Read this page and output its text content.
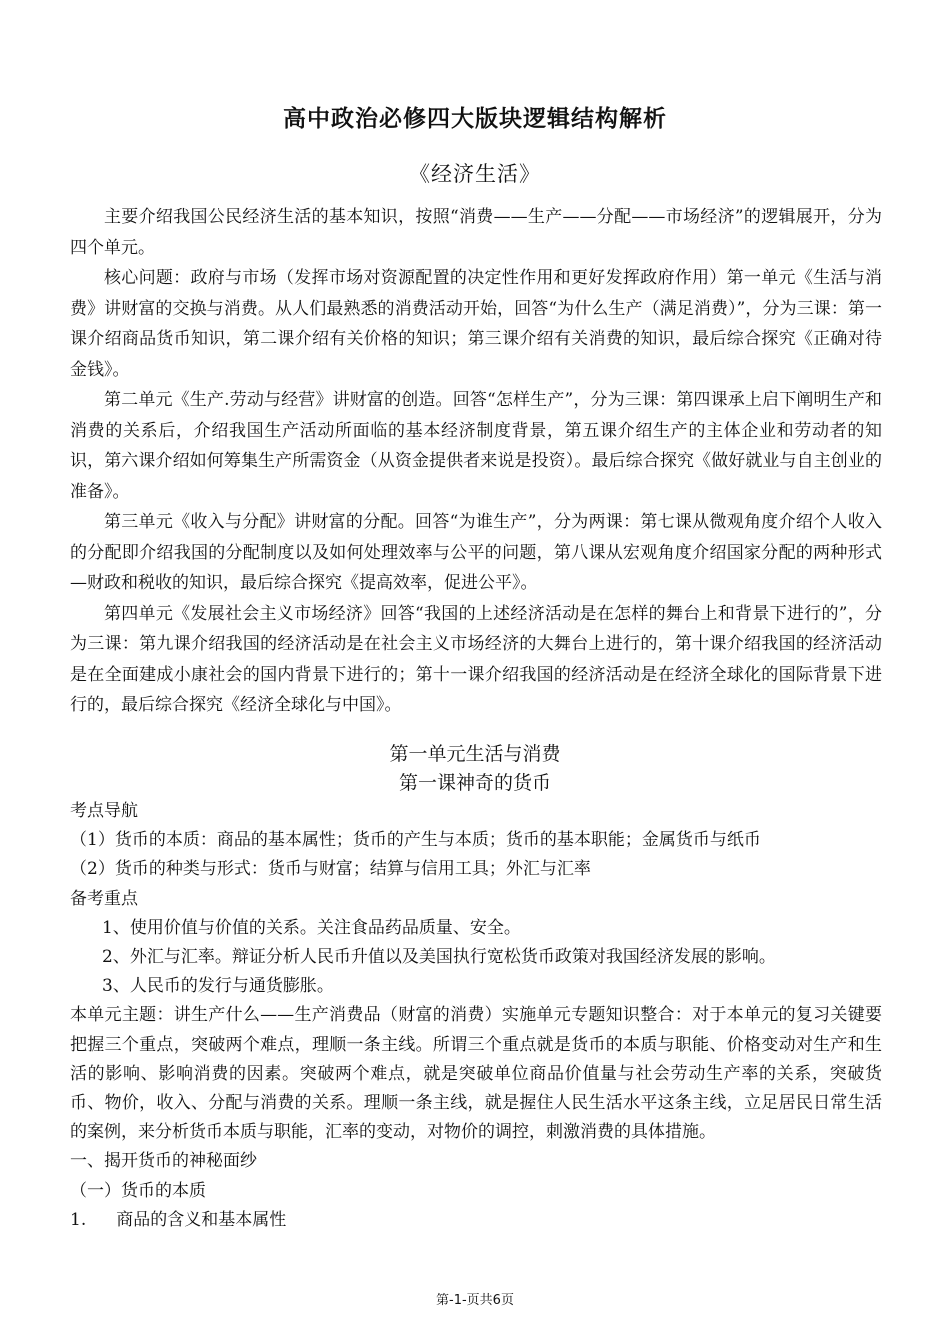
高中政治必修四大版块逻辑结构解析
《经济生活》

主要介绍我国公民经济生活的基本知识，按照“消费——生产——分配——市场经济”的逻辑展开，分为四个单元。

核心问题：政府与市场（发挥市场对资源配置的决定性作用和更好发挥政府作用）第一单元《生活与消费》讲财富的交换与消费。从人们最熟悉的消费活动开始，回答“为什么生产（满足消费）”，分为三课：第一课介绍商品货币知识，第二课介绍有关价格的知识；第三课介绍有关消费的知识，最后综合探究《正确对待金钱》。

第二单元《生产.劳动与经营》讲财富的创造。回答“怎样生产”，分为三课：第四课承上启下阐明生产和消费的关系后，介绍我国生产活动所面临的基本经济制度背景，第五课介绍生产的主体企业和劳动者的知识，第六课介绍如何筹集生产所需资金（从资金提供者来说是投资）。最后综合探究《做好就业与自主创业的准备》。

第三单元《收入与分配》讲财富的分配。回答“为谁生产”，分为两课：第七课从微观角度介绍个人收入的分配即介绍我国的分配制度以及如何处理效率与公平的问题，第八课从宏观角度介绍国家分配的两种形式—财政和税收的知识，最后综合探究《提高效率，促进公平》。

第四单元《发展社会主义市场经济》回答“我国的上述经济活动是在怎样的舞台上和背景下进行的”，分为三课：第九课介绍我国的经济活动是在社会主义市场经济的大舞台上进行的，第十课介绍我国的经济活动是在全面建成小康社会的国内背景下进行的；第十一课介绍我国的经济活动是在经济全球化的国际背景下进行的，最后综合探究《经济全球化与中国》。

第一单元生活与消费
第一课神奇的货币

考点导航

（1）货币的本质：商品的基本属性；货币的产生与本质；货币的基本职能；金属货币与纸币

（2）货币的种类与形式：货币与财富；结算与信用工具；外汇与汇率

备考重点

1、使用价值与价值的关系。关注食品药品质量、安全。

2、外汇与汇率。辩证分析人民币升值以及美国执行宽松货币政策对我国经济发展的影响。

3、人民币的发行与通货膨胀。

本单元主题：讲生产什么——生产消费品（财富的消费）实施单元专题知识整合：对于本单元的复习关键要把握三个重点，突破两个难点，理顺一条主线。所谓三个重点就是货币的本质与职能、价格变动对生产和生活的影响、影响消费的因素。突破两个难点，就是突破单位商品价值量与社会劳动生产率的关系，突破货币、物价，收入、分配与消费的关系。理顺一条主线，就是握住人民生活水平这条主线，立足居民日常生活的案例，来分析货币本质与职能，汇率的变动，对物价的调控，刺激消费的具体措施。

一、揭开货币的神秘面纱

（一）货币的本质

1. 商品的含义和基本属性

第-1-页共6页
